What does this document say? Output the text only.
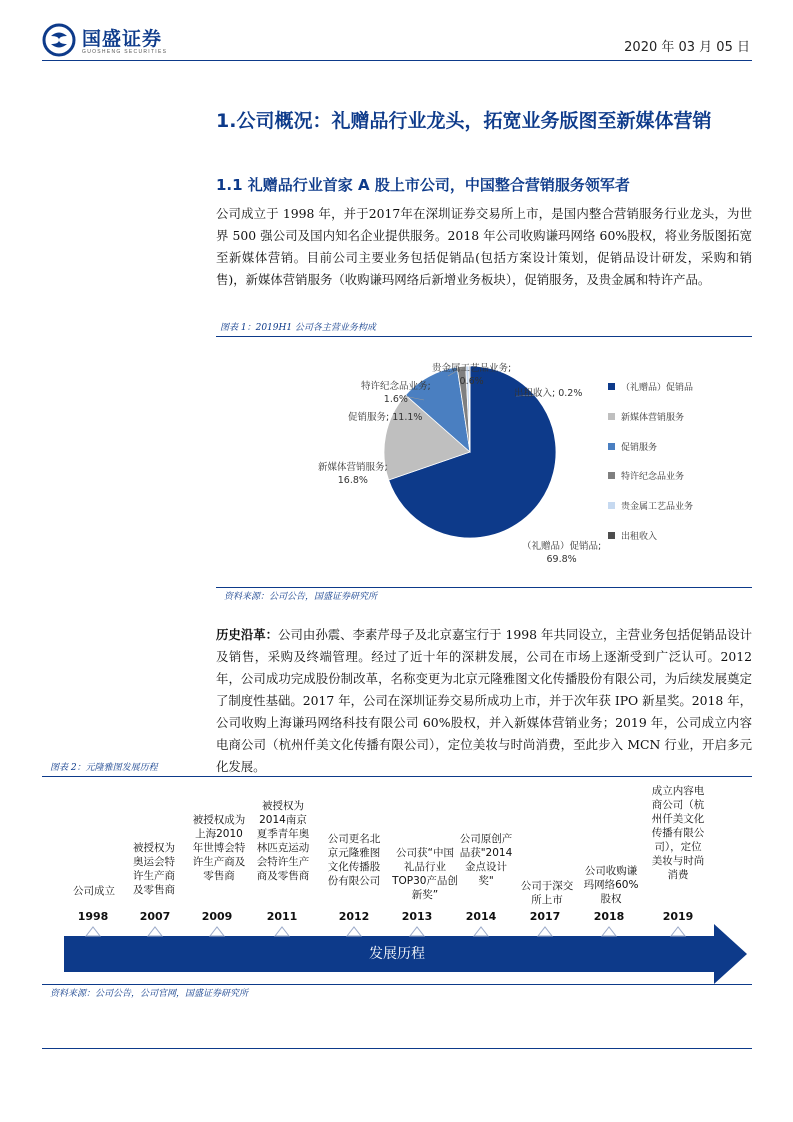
国盛证券
GUOSHENG SECURITIES	2020 年 03 月 05 日
1.公司概况：礼赠品行业龙头，拓宽业务版图至新媒体营销
1.1 礼赠品行业首家 A 股上市公司，中国整合营销服务领军者
公司成立于 1998 年，并于2017年在深圳证券交易所上市，是国内整合营销服务行业龙头，为世界 500 强公司及国内知名企业提供服务。2018 年公司收购谦玛网络 60%股权，将业务版图拓宽至新媒体营销。目前公司主要业务包括促销品(包括方案设计策划，促销品设计研发，采购和销售)，新媒体营销服务（收购谦玛网络后新增业务板块），促销服务，及贵金属和特许产品。
图表 1：2019H1 公司各主营业务构成
（礼赠品）促销品;
69.8%
新媒体营销服务;
16.8%
促销服务; 11.1%
特许纪念品业务;
1.6%
贵金属工艺品业务;
0.6%
出租收入; 0.2%	（礼赠品）促销品
新媒体营销服务
促销服务
特许纪念品业务
贵金属工艺品业务
出租收入
资料来源：公司公告，国盛证券研究所
历史沿革：公司由孙震、李素芹母子及北京嘉宝行于 1998 年共同设立，主营业务包括促销品设计及销售，采购及终端管理。经过了近十年的深耕发展，公司在市场上逐渐受到广泛认可。2012 年，公司成功完成股份制改革，名称变更为北京元隆雅图文化传播股份有限公司，为后续发展奠定了制度性基础。2017 年，公司在深圳证券交易所成功上市，并于次年获 IPO 新星奖。2018 年，公司收购上海谦玛网络科技有限公司 60%股权，并入新媒体营销业务；2019 年，公司成立内容电商公司（杭州仟美文化传播有限公司），定位美妆与时尚消费，至此步入 MCN 行业，开启多元化发展。
图表 2：元隆雅图发展历程
公司成立
被授权为奥运会特许生产商及零售商
被授权成为上海2010年世博会特许生产商及零售商
被授权为2014南京夏季青年奥林匹克运动会特许生产商及零售商
公司更名北京元隆雅图文化传播股份有限公司
公司获“中国礼品行业TOP30产品创新奖”
公司原创产品获"2014金点设计奖"	公司于深交所上市
公司收购谦玛网络60%股权
成立内容电商公司（杭州仟美文化传播有限公司），定位美妆与时尚消费
1998	2007	2009	2011	2012	2013	2014	2017	2018	2019
发展历程
资料来源：公司公告，公司官网，国盛证券研究所
